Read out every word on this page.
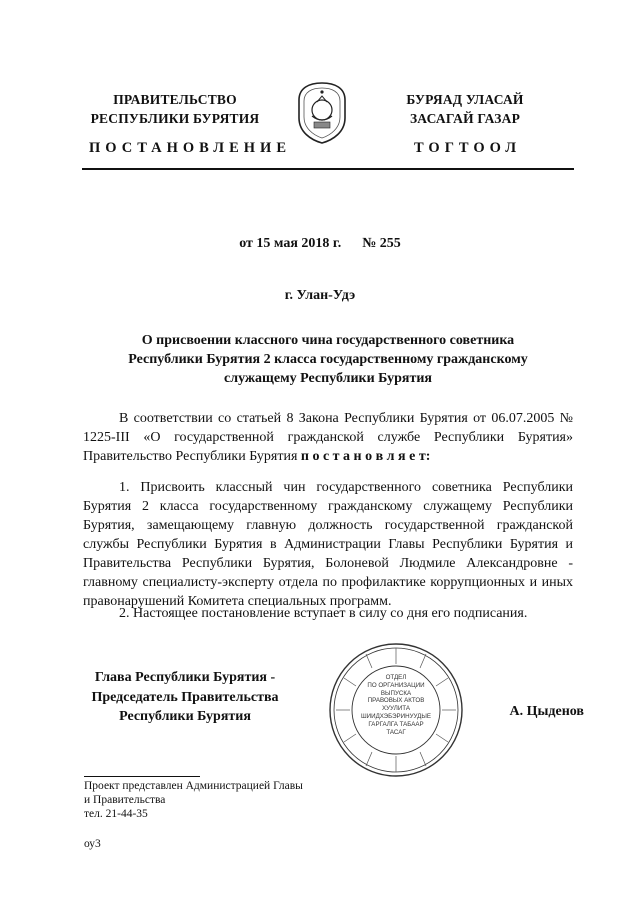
ПРАВИТЕЛЬСТВО
РЕСПУБЛИКИ БУРЯТИЯ
БУРЯАД УЛАСАЙ
ЗАСАГАЙ ГАЗАР
ПОСТАНОВЛЕНИЕ	ТОГТООЛ
от 15 мая 2018 г. № 255
г. Улан-Удэ
О присвоении классного чина государственного советника
Республики Бурятия 2 класса государственному гражданскому
служащему Республики Бурятия
В соответствии со статьей 8 Закона Республики Бурятия от 06.07.2005 № 1225-III «О государственной гражданской службе Республики Бурятия» Правительство Республики Бурятия п о с т а н о в л я е т:
1. Присвоить классный чин государственного советника Республики Бурятия 2 класса государственному гражданскому служащему Республики Бурятия, замещающему главную должность государственной гражданской службы Республики Бурятия в Администрации Главы Республики Бурятия и Правительства Республики Бурятия, Болоневой Людмиле Александровне - главному специалисту-эксперту отдела по профилактике коррупционных и иных правонарушений Комитета специальных программ.
2. Настоящее постановление вступает в силу со дня его подписания.
Глава Республики Бурятия -
Председатель Правительства
Республики Бурятия
ОТДЕЛ
ПО ОРГАНИЗАЦИИ
ВЫПУСКА
ПРАВОВЫХ АКТОВ
ХУУЛИТА
ШИИДХЭБЭРИНУУДЫЕ
ГАРГАЛГА ТАБААР
ТАСАГ
А. Цыденов
Проект представлен Администрацией Главы
и Правительства
тел. 21-44-35
оу3
